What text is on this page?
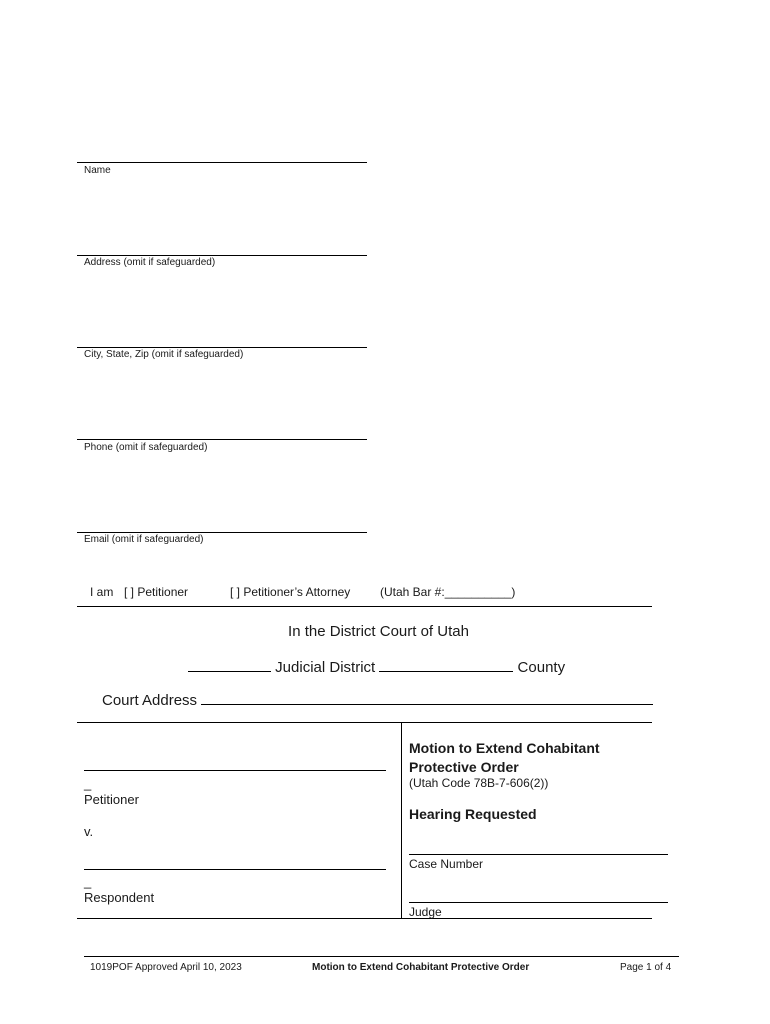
Name
Address (omit if safeguarded)
City, State, Zip (omit if safeguarded)
Phone (omit if safeguarded)
Email (omit if safeguarded)
I am [ ] Petitioner	[ ] Petitioner’s Attorney (Utah Bar #:__________)
In the District Court of Utah
Judicial District	County
Court Address
_
Petitioner
v.
_
Respondent
Motion to Extend Cohabitant
Protective Order
(Utah Code 78B-7-606(2))
Hearing Requested
Case Number
Judge
1019POF Approved April 10, 2023	Motion to Extend Cohabitant Protective Order	Page 1 of 4
